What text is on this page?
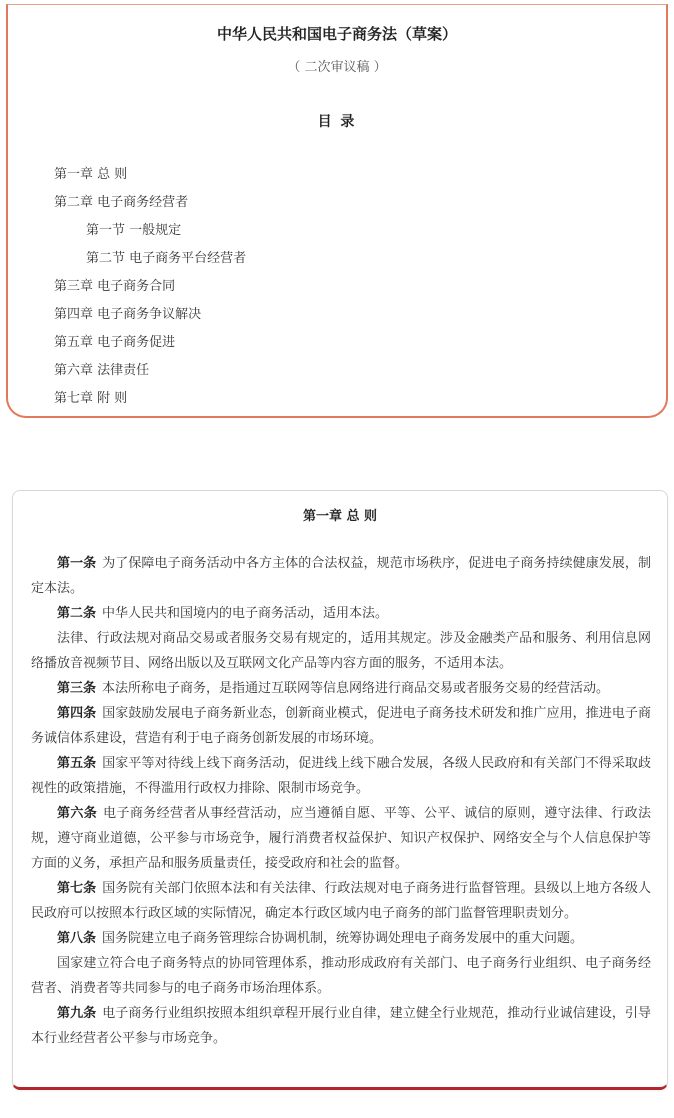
中华人民共和国电子商务法（草案）
（ 二次审议稿 ）
目 录
第一章 总 则
第二章 电子商务经营者
第一节 一般规定
第二节 电子商务平台经营者
第三章 电子商务合同
第四章 电子商务争议解决
第五章 电子商务促进
第六章 法律责任
第七章 附 则
第一章 总 则

第一条 为了保障电子商务活动中各方主体的合法权益，规范市场秩序，促进电子商务持续健康发展，制定本法。

第二条 中华人民共和国境内的电子商务活动，适用本法。

法律、行政法规对商品交易或者服务交易有规定的，适用其规定。涉及金融类产品和服务、利用信息网络播放音视频节目、网络出版以及互联网文化产品等内容方面的服务，不适用本法。

第三条 本法所称电子商务，是指通过互联网等信息网络进行商品交易或者服务交易的经营活动。

第四条 国家鼓励发展电子商务新业态，创新商业模式，促进电子商务技术研发和推广应用，推进电子商务诚信体系建设，营造有利于电子商务创新发展的市场环境。

第五条 国家平等对待线上线下商务活动，促进线上线下融合发展，各级人民政府和有关部门不得采取歧视性的政策措施，不得滥用行政权力排除、限制市场竞争。

第六条 电子商务经营者从事经营活动，应当遵循自愿、平等、公平、诚信的原则，遵守法律、行政法规，遵守商业道德，公平参与市场竞争，履行消费者权益保护、知识产权保护、网络安全与个人信息保护等方面的义务，承担产品和服务质量责任，接受政府和社会的监督。

第七条 国务院有关部门依照本法和有关法律、行政法规对电子商务进行监督管理。县级以上地方各级人民政府可以按照本行政区域的实际情况，确定本行政区域内电子商务的部门监督管理职责划分。

第八条 国务院建立电子商务管理综合协调机制，统筹协调处理电子商务发展中的重大问题。

国家建立符合电子商务特点的协同管理体系，推动形成政府有关部门、电子商务行业组织、电子商务经营者、消费者等共同参与的电子商务市场治理体系。

第九条 电子商务行业组织按照本组织章程开展行业自律，建立健全行业规范，推动行业诚信建设，引导本行业经营者公平参与市场竞争。
